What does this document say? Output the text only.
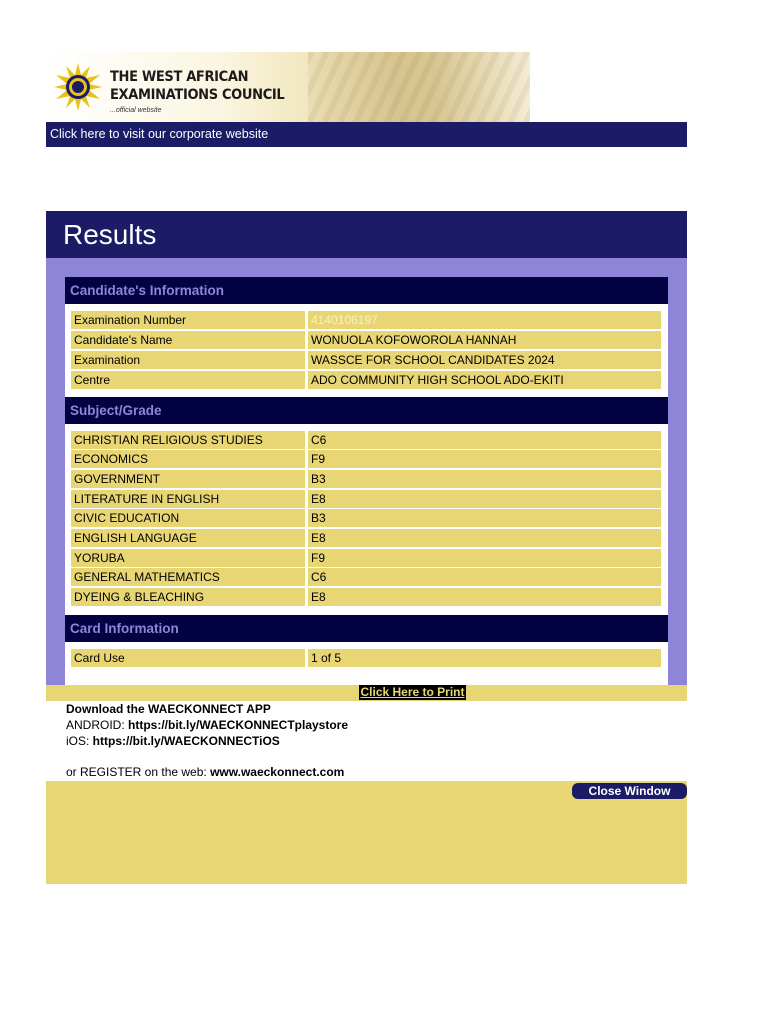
THE WEST AFRICAN
EXAMINATIONS COUNCIL
...official website
Click here to visit our corporate website
Results
Candidate's Information
Examination Number	4140106197
Candidate's Name	WONUOLA KOFOWOROLA HANNAH
Examination	WASSCE FOR SCHOOL CANDIDATES 2024
Centre	ADO COMMUNITY HIGH SCHOOL ADO-EKITI
Subject/Grade
CHRISTIAN RELIGIOUS STUDIES	C6
ECONOMICS	F9
GOVERNMENT	B3
LITERATURE IN ENGLISH	E8
CIVIC EDUCATION	B3
ENGLISH LANGUAGE	E8
YORUBA	F9
GENERAL MATHEMATICS	C6
DYEING & BLEACHING	E8
Card Information
Card Use	1 of 5
Click Here to Print
Download the WAECKONNECT APP
ANDROID: https://bit.ly/WAECKONNECTplaystore
iOS: https://bit.ly/WAECKONNECTiOS
or REGISTER on the web: www.waeckonnect.com
Close Window
